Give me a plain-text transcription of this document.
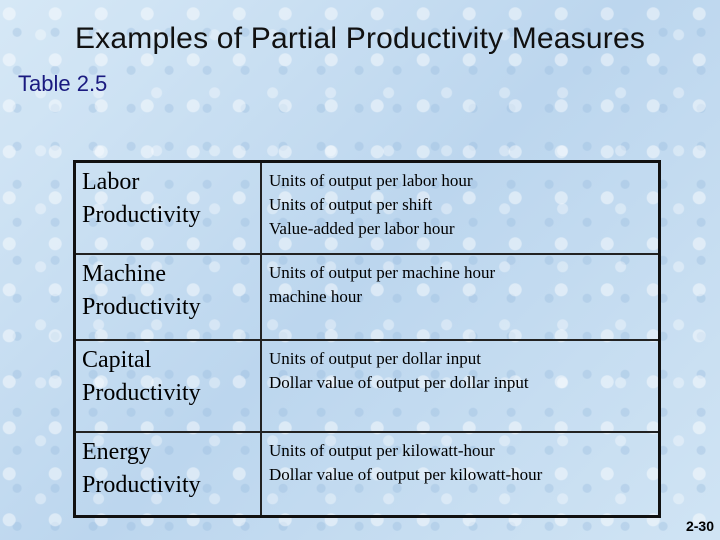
Examples of Partial Productivity Measures
Table 2.5
Labor
Productivity	Units of output per labor hour
Units of output per shift
Value-added per labor hour

Machine
Productivity	Units of output per machine hour
machine hour

Capital
Productivity	Units of output per dollar input
Dollar value of output per dollar input

Energy
Productivity	Units of output per kilowatt-hour
Dollar value of output per kilowatt-hour
2-30
